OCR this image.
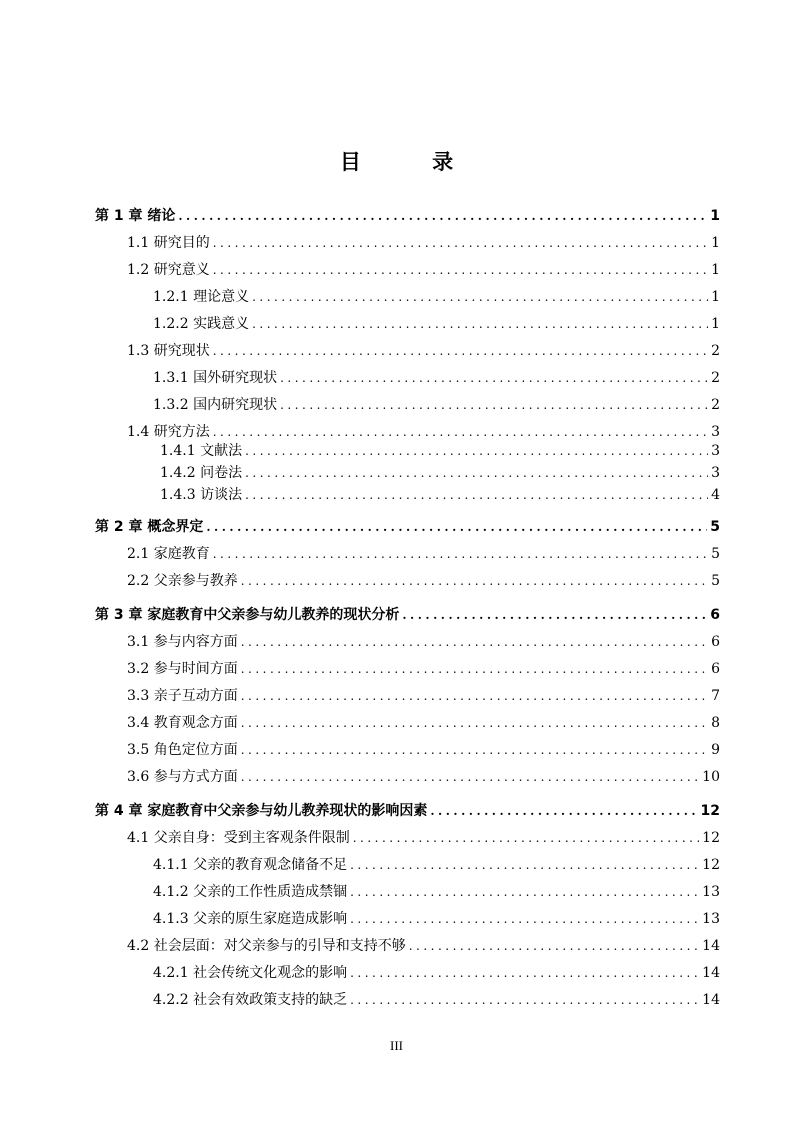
目 录
第 1 章 绪论 .....	1
1.1 研究目的 .....	1
1.2 研究意义 .....	1
1.2.1 理论意义 .....	1
1.2.2 实践意义 .....	1
1.3 研究现状 .....	2
1.3.1 国外研究现状 .....	2
1.3.2 国内研究现状 .....	2
1.4 研究方法 .....	3
1.4.1 文献法 .....	3
1.4.2 问卷法 .....	3
1.4.3 访谈法 .....	4
第 2 章 概念界定 .....	5
2.1 家庭教育 .....	5
2.2 父亲参与教养 .....	5
第 3 章 家庭教育中父亲参与幼儿教养的现状分析 .....	6
3.1 参与内容方面 .....	6
3.2 参与时间方面 .....	6
3.3 亲子互动方面 .....	7
3.4 教育观念方面 .....	8
3.5 角色定位方面 .....	9
3.6 参与方式方面 .....	10
第 4 章 家庭教育中父亲参与幼儿教养现状的影响因素 .....	12
4.1 父亲自身：受到主客观条件限制 .....	12
4.1.1 父亲的教育观念储备不足 .....	12
4.1.2 父亲的工作性质造成禁锢 .....	13
4.1.3 父亲的原生家庭造成影响 .....	13
4.2 社会层面：对父亲参与的引导和支持不够 .....	14
4.2.1 社会传统文化观念的影响 .....	14
4.2.2 社会有效政策支持的缺乏 .....	14
III
